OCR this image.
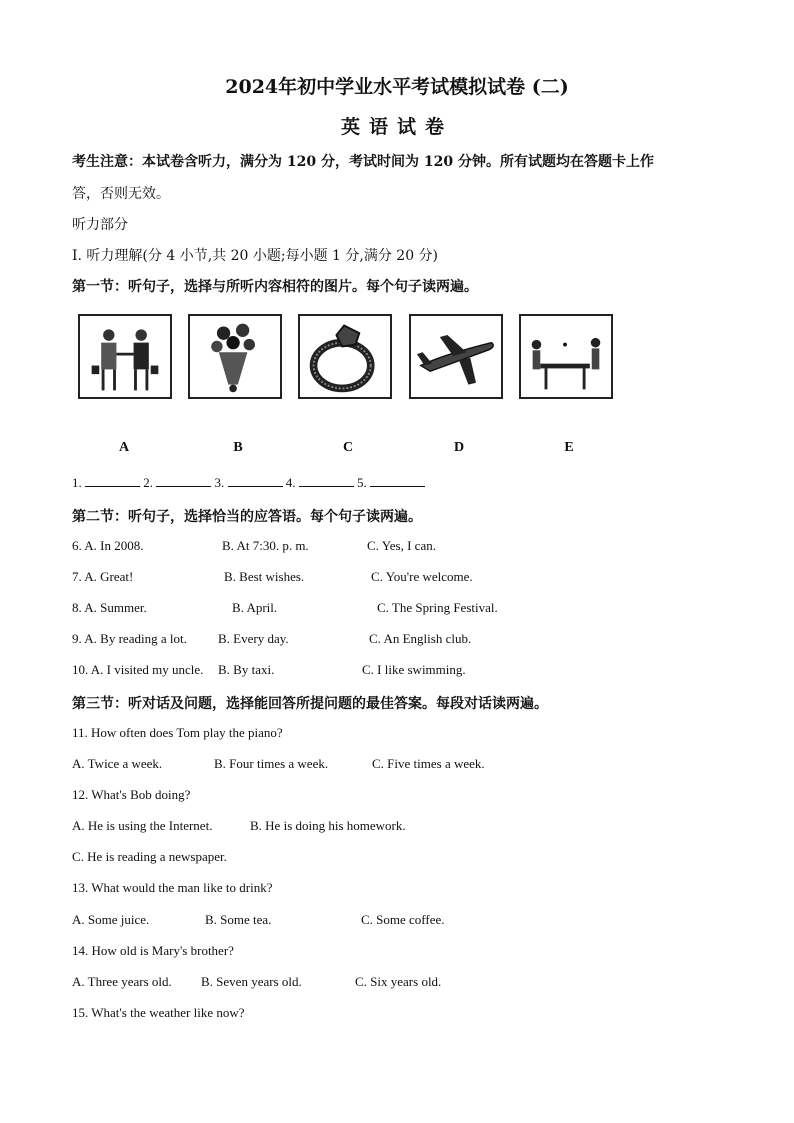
2024年初中学业水平考试模拟试卷 (二)
英语试卷
考生注意：本试卷含听力，满分为 120 分，考试时间为 120 分钟。所有试题均在答题卡上作
答，否则无效。
听力部分
I. 听力理解(分 4 小节,共 20 小题;每小题 1 分,满分 20 分)
第一节：听句子，选择与所听内容相符的图片。每个句子读两遍。
A	B	C	D	E
1.	2.	3.	4.	5.
第二节：听句子，选择恰当的应答语。每个句子读两遍。
6. A. In 2008.	B. At 7:30. p. m.	C. Yes, I can.
7. A. Great!	B. Best wishes.	C. You're welcome.
8. A. Summer.	B. April.	C. The Spring Festival.
9. A. By reading a lot. B. Every day.	C. An English club.
10. A. I visited my uncle. B. By taxi.	C. I like swimming.
第三节：听对话及问题，选择能回答所提问题的最佳答案。每段对话读两遍。
11. How often does Tom play the piano?
A. Twice a week.	B. Four times a week.	C. Five times a week.
12. What's Bob doing?
A. He is using the Internet.	B. He is doing his homework.
C. He is reading a newspaper.
13. What would the man like to drink?
A. Some juice.	B. Some tea.	C. Some coffee.
14. How old is Mary's brother?
A. Three years old. B. Seven years old.	C. Six years old.
15. What's the weather like now?
